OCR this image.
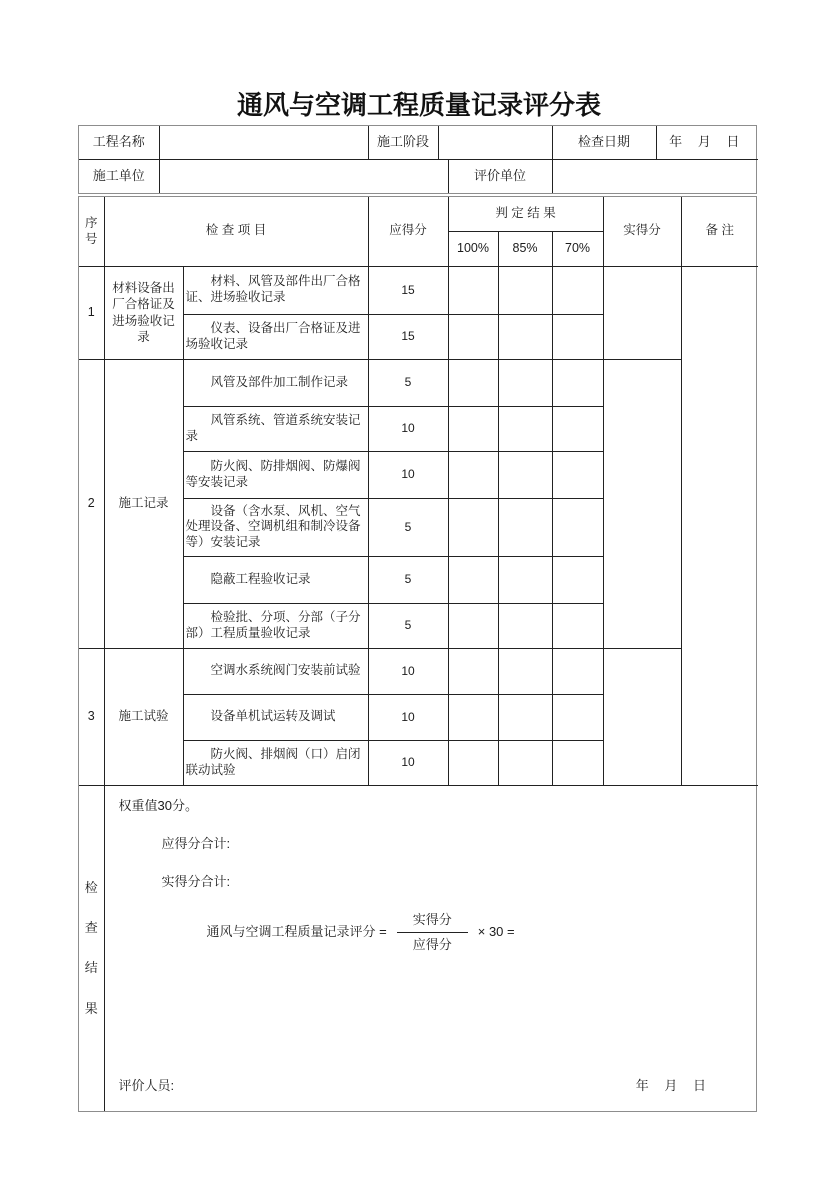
通风与空调工程质量记录评分表
工程名称		施工阶段			检查日期	年 月 日
施工单位				评价单位		
序号	检 查 项 目		应得分	判 定 结 果			实得分	备 注
				100%	85%	70%		
1	材料设备出厂合格证及进场验收记录	材料、风管及部件出厂合格证、进场验收记录	15					
		仪表、设备出厂合格证及进场验收记录	15					
2	施工记录	风管及部件加工制作记录	5					
		风管系统、管道系统安装记录	10					
		防火阀、防排烟阀、防爆阀等安装记录	10					
		设备（含水泵、风机、空气处理设备、空调机组和制冷设备等）安装记录	5					
		隐蔽工程验收记录	5					
		检验批、分项、分部（子分部）工程质量验收记录	5					
3	施工试验	空调水系统阀门安装前试验	10					
		设备单机试运转及调试	10					
		防火阀、排烟阀（口）启闭联动试验	10					

检
查
结
果

权重值30分。
应得分合计:
实得分合计:
通风与空调工程质量记录评分 = $\frac{\text{实得分}}{\text{应得分}} \times 30$ =
评价人员:	年 月 日
